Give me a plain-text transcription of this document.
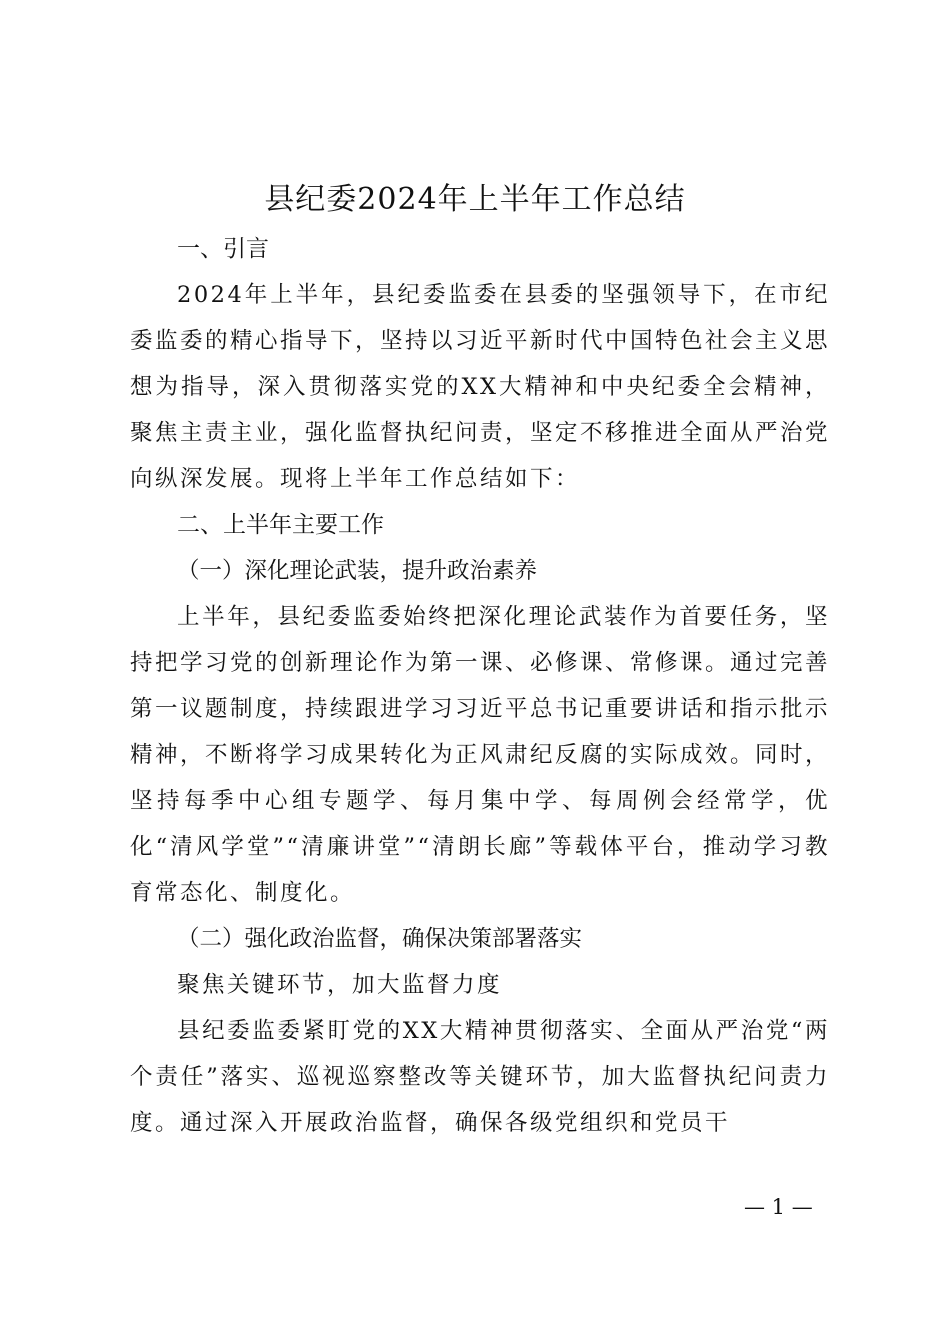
县纪委2024年上半年工作总结
一、引言

2024年上半年，县纪委监委在县委的坚强领导下，在市纪委监委的精心指导下，坚持以习近平新时代中国特色社会主义思想为指导，深入贯彻落实党的XX大精神和中央纪委全会精神，聚焦主责主业，强化监督执纪问责，坚定不移推进全面从严治党向纵深发展。现将上半年工作总结如下：

二、上半年主要工作
（一）深化理论武装，提升政治素养

上半年，县纪委监委始终把深化理论武装作为首要任务，坚持把学习党的创新理论作为第一课、必修课、常修课。通过完善第一议题制度，持续跟进学习习近平总书记重要讲话和指示批示精神，不断将学习成果转化为正风肃纪反腐的实际成效。同时，坚持每季中心组专题学、每月集中学、每周例会经常学，优化“清风学堂”“清廉讲堂”“清朗长廊”等载体平台，推动学习教育常态化、制度化。

（二）强化政治监督，确保决策部署落实
聚焦关键环节，加大监督力度

县纪委监委紧盯党的XX大精神贯彻落实、全面从严治党“两个责任”落实、巡视巡察整改等关键环节，加大监督执纪问责力度。通过深入开展政治监督，确保各级党组织和党员干

— 1 —
